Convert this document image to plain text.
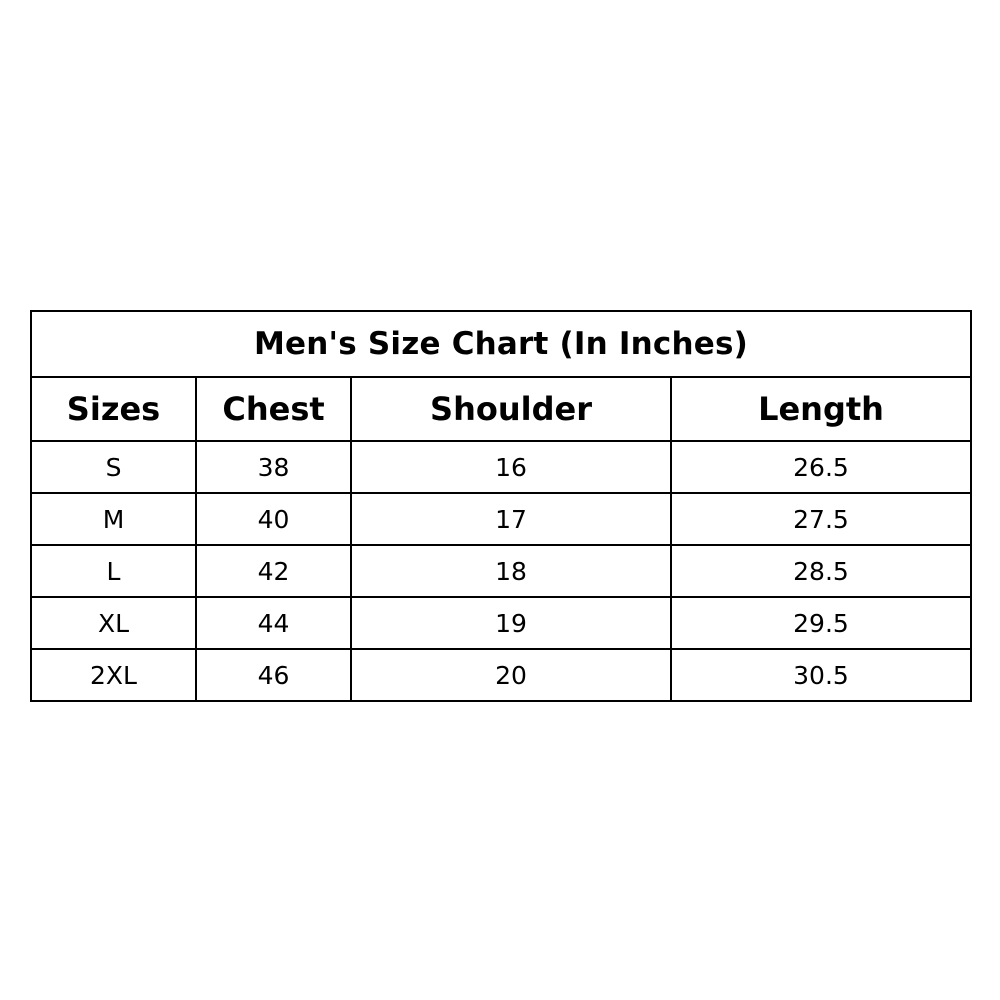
Men's Size Chart (In Inches)			
Sizes	Chest	Shoulder	Length
S	38	16	26.5
M	40	17	27.5
L	42	18	28.5
XL	44	19	29.5
2XL	46	20	30.5
